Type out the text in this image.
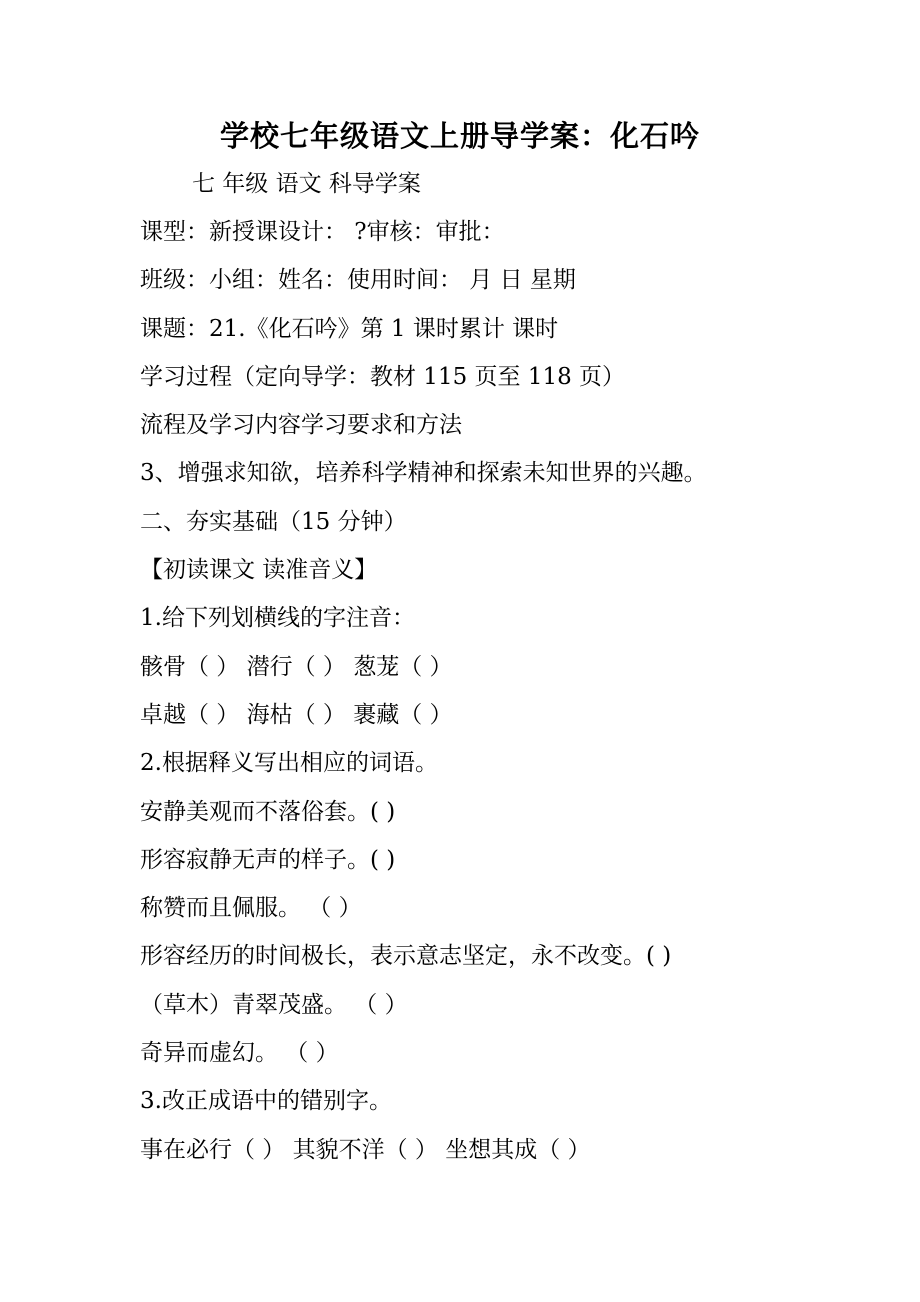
学校七年级语文上册导学案：化石吟
七 年级 语文 科导学案
课型：新授课设计： ?审核：审批：
班级：小组：姓名：使用时间： 月 日 星期
课题：21.《化石吟》第 1 课时累计 课时
学习过程（定向导学：教材 115 页至 118 页）
流程及学习内容学习要求和方法
3、增强求知欲，培养科学精神和探索未知世界的兴趣。
二、夯实基础（15 分钟）
【初读课文 读准音义】
1.给下列划横线的字注音：
骸骨（ ） 潜行（ ） 葱茏（ ）
卓越（ ） 海枯（ ） 裹藏（ ）
2.根据释义写出相应的词语。
安静美观而不落俗套。( )
形容寂静无声的样子。( )
称赞而且佩服。 （ ）
形容经历的时间极长，表示意志坚定，永不改变。( )
（草木）青翠茂盛。 （ ）
奇异而虚幻。 （ ）
3.改正成语中的错别字。
事在必行（ ） 其貌不洋（ ） 坐想其成（ ）
